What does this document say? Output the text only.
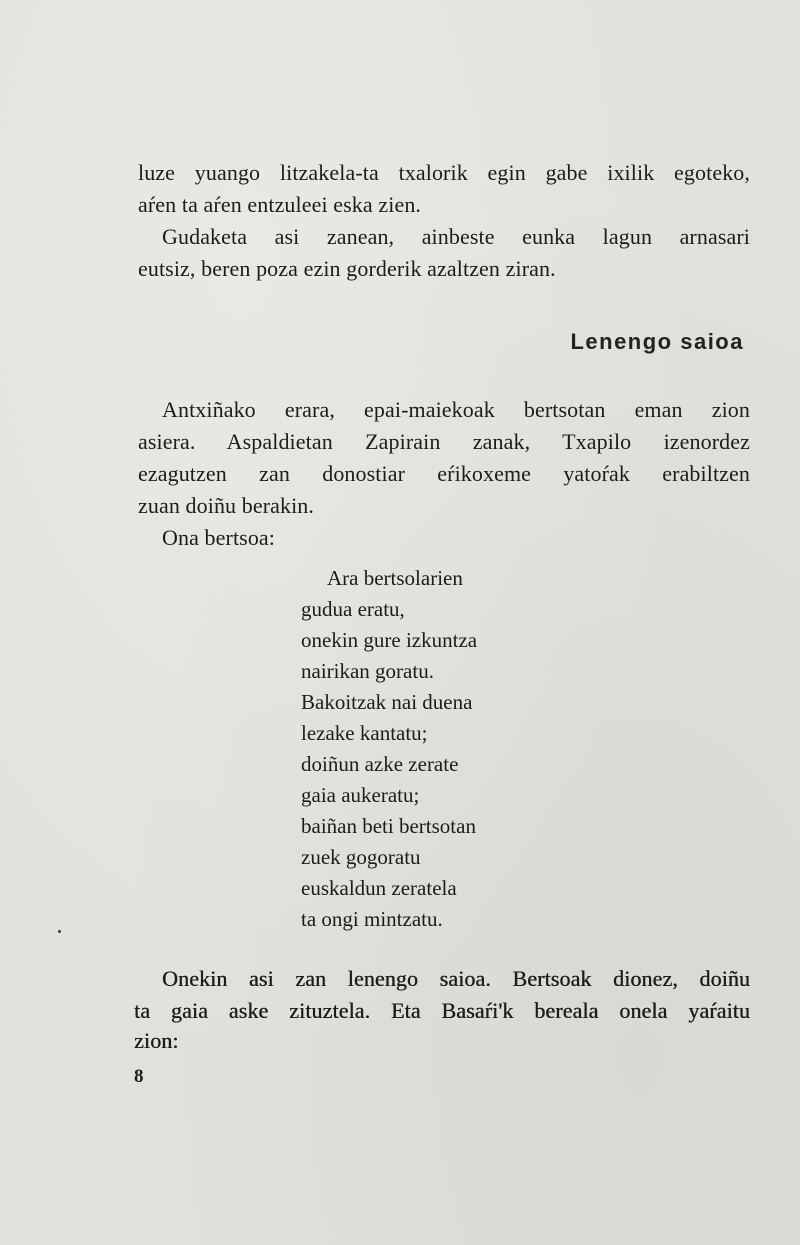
luze yuango litzakela-ta txalorik egin gabe ixilik egoteko,
aŕen ta aŕen entzuleei eska zien.
Gudaketa asi zanean, ainbeste eunka lagun arnasari
eutsiz, beren poza ezin gorderik azaltzen ziran.
Lenengo saioa
Antxiñako erara, epai-maiekoak bertsotan eman zion
asiera. Aspaldietan Zapirain zanak, Txapilo izenordez
ezagutzen zan donostiar eŕikoxeme yatoŕak erabiltzen
zuan doiñu berakin.
Ona bertsoa:
Ara bertsolarien
gudua eratu,
onekin gure izkuntza
nairikan goratu.
Bakoitzak nai duena
lezake kantatu;
doiñun azke zerate
gaia aukeratu;
baiñan beti bertsotan
zuek gogoratu
euskaldun zeratela
ta ongi mintzatu.
Onekin asi zan lenengo saioa. Bertsoak dionez, doiñu
ta gaia aske zituztela. Eta Basaŕi'k bereala onela yaŕaitu
zion:
8
